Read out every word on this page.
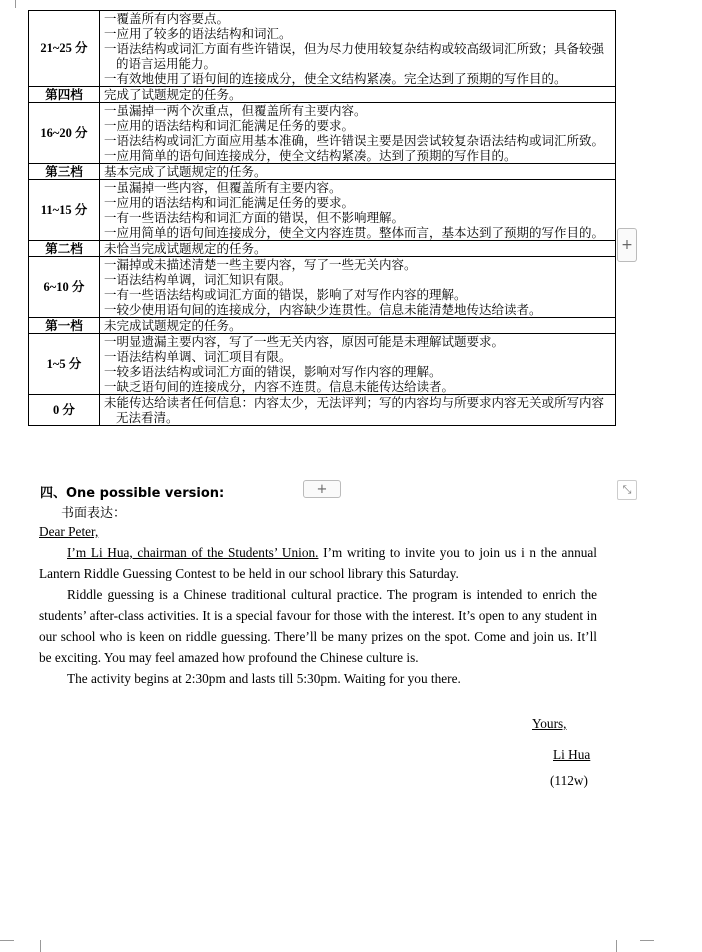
21~25 分	一覆盖所有内容要点。
一应用了较多的语法结构和词汇。
一语法结构或词汇方面有些许错误，但为尽力使用较复杂结构或较高级词汇所致；具备较强的语言运用能力。
一有效地使用了语句间的连接成分，使全文结构紧凑。完全达到了预期的写作目的。

第四档	完成了试题规定的任务。

16~20 分	一虽漏掉一两个次重点，但覆盖所有主要内容。
一应用的语法结构和词汇能满足任务的要求。
一语法结构或词汇方面应用基本准确，些许错误主要是因尝试较复杂语法结构或词汇所致。
一应用简单的语句间连接成分，使全文结构紧凑。达到了预期的写作目的。

第三档	基本完成了试题规定的任务。

11~15 分	一虽漏掉一些内容，但覆盖所有主要内容。
一应用的语法结构和词汇能满足任务的要求。
一有一些语法结构和词汇方面的错误，但不影响理解。
一应用简单的语句间连接成分，使全文内容连贯。整体而言，基本达到了预期的写作目的。

第二档	未恰当完成试题规定的任务。

6~10 分	一漏掉或未描述清楚一些主要内容，写了一些无关内容。
一语法结构单调，词汇知识有限。
一有一些语法结构或词汇方面的错误，影响了对写作内容的理解。
一较少使用语句间的连接成分，内容缺少连贯性。信息未能清楚地传达给读者。

第一档	未完成试题规定的任务。

1~5 分	一明显遗漏主要内容，写了一些无关内容，原因可能是未理解试题要求。
一语法结构单调、词汇项目有限。
一较多语法结构或词汇方面的错误，影响对写作内容的理解。
一缺乏语句间的连接成分，内容不连贯。信息未能传达给读者。

0 分	未能传达给读者任何信息：内容太少，无法评判；写的内容均与所要求内容无关或所写内容无法看清。
+
+	⤡
四、One possible version:
书面表达：

Dear Peter,

I’m Li Hua, chairman of the Students’ Union. I’m writing to invite you to join us i n the annual Lantern Riddle Guessing Contest to be held in our school library this Saturday.

Riddle guessing is a Chinese traditional cultural practice. The program is intended to enrich the students’ after-class activities. It is a special favour for those with the interest. It’s open to any student in our school who is keen on riddle guessing. There’ll be many prizes on the spot. Come and join us. It’ll be exciting. You may feel amazed how profound the Chinese culture is.

The activity begins at 2:30pm and lasts till 5:30pm. Waiting for you there.

Yours,
Li Hua
(112w)
